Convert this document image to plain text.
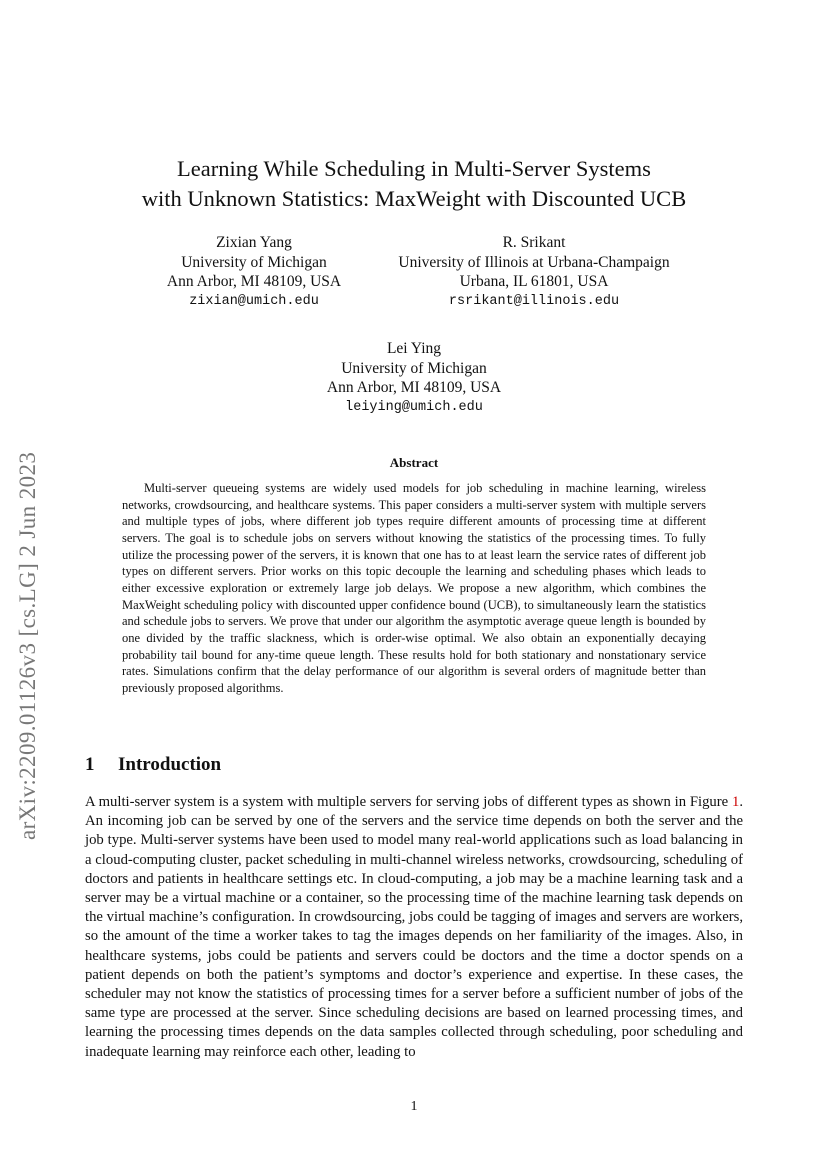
arXiv:2209.01126v3 [cs.LG] 2 Jun 2023
Learning While Scheduling in Multi-Server Systems
with Unknown Statistics: MaxWeight with Discounted UCB
Zixian Yang
University of Michigan
Ann Arbor, MI 48109, USA
zixian@umich.edu
R. Srikant
University of Illinois at Urbana-Champaign
Urbana, IL 61801, USA
rsrikant@illinois.edu
Lei Ying
University of Michigan
Ann Arbor, MI 48109, USA
leiying@umich.edu
Abstract

Multi-server queueing systems are widely used models for job scheduling in machine learning, wireless networks, crowdsourcing, and healthcare systems. This paper considers a multi-server system with multiple servers and multiple types of jobs, where different job types require different amounts of processing time at different servers. The goal is to schedule jobs on servers without knowing the statistics of the processing times. To fully utilize the processing power of the servers, it is known that one has to at least learn the service rates of different job types on different servers. Prior works on this topic decouple the learning and scheduling phases which leads to either excessive exploration or extremely large job delays. We propose a new algorithm, which combines the MaxWeight scheduling policy with discounted upper confidence bound (UCB), to simultaneously learn the statistics and schedule jobs to servers. We prove that under our algorithm the asymptotic average queue length is bounded by one divided by the traffic slackness, which is order-wise optimal. We also obtain an exponentially decaying probability tail bound for any-time queue length. These results hold for both stationary and nonstationary service rates. Simulations confirm that the delay performance of our algorithm is several orders of magnitude better than previously proposed algorithms.

1 Introduction

A multi-server system is a system with multiple servers for serving jobs of different types as shown in Figure 1. An incoming job can be served by one of the servers and the service time depends on both the server and the job type. Multi-server systems have been used to model many real-world applications such as load balancing in a cloud-computing cluster, packet scheduling in multi-channel wireless networks, crowdsourcing, scheduling of doctors and patients in healthcare settings etc. In cloud-computing, a job may be a machine learning task and a server may be a virtual machine or a container, so the processing time of the machine learning task depends on the virtual machine’s configuration. In crowdsourcing, jobs could be tagging of images and servers are workers, so the amount of the time a worker takes to tag the images depends on her familiarity of the images. Also, in healthcare systems, jobs could be patients and servers could be doctors and the time a doctor spends on a patient depends on both the patient’s symptoms and doctor’s experience and expertise. In these cases, the scheduler may not know the statistics of processing times for a server before a sufficient number of jobs of the same type are processed at the server. Since scheduling decisions are based on learned processing times, and learning the processing times depends on the data samples collected through scheduling, poor scheduling and inadequate learning may reinforce each other, leading to

1
